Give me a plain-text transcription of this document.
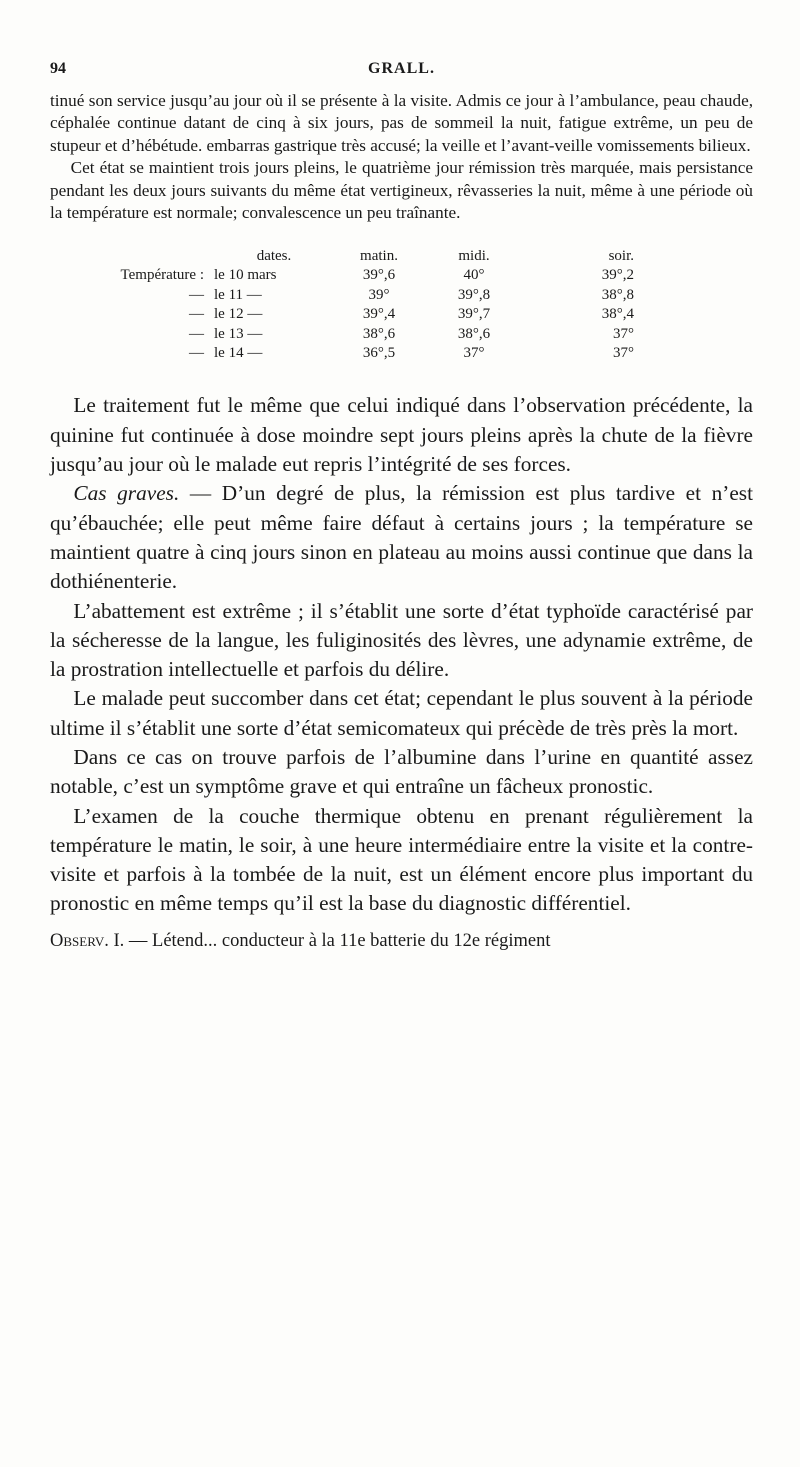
94	GRALL.

tinué son service jusqu’au jour où il se présente à la visite. Admis ce jour à l’ambulance, peau chaude, céphalée continue datant de cinq à six jours, pas de sommeil la nuit, fatigue extrême, un peu de stupeur et d’hébétude. embarras gastrique très accusé; la veille et l’avant-veille vomissements bilieux.

Cet état se maintient trois jours pleins, le quatrième jour rémission très marquée, mais persistance pendant les deux jours suivants du même état vertigineux, rêvasseries la nuit, même à une période où la température est normale; convalescence un peu traînante.

	dates.	matin.	midi.	soir.
Température :	le 10 mars	39°,6	40°	39°,2
—	le 11 —	39°	39°,8	38°,8
—	le 12 —	39°,4	39°,7	38°,4
—	le 13 —	38°,6	38°,6	37°
—	le 14 —	36°,5	37°	37°

Le traitement fut le même que celui indiqué dans l’observation précédente, la quinine fut continuée à dose moindre sept jours pleins après la chute de la fièvre jusqu’au jour où le malade eut repris l’intégrité de ses forces.

Cas graves. — D’un degré de plus, la rémission est plus tardive et n’est qu’ébauchée; elle peut même faire défaut à certains jours ; la température se maintient quatre à cinq jours sinon en plateau au moins aussi continue que dans la dothiénenterie.

L’abattement est extrême ; il s’établit une sorte d’état typhoïde caractérisé par la sécheresse de la langue, les fuliginosités des lèvres, une adynamie extrême, de la prostration intellectuelle et parfois du délire.

Le malade peut succomber dans cet état; cependant le plus souvent à la période ultime il s’établit une sorte d’état semicomateux qui précède de très près la mort.

Dans ce cas on trouve parfois de l’albumine dans l’urine en quantité assez notable, c’est un symptôme grave et qui entraîne un fâcheux pronostic.

L’examen de la couche thermique obtenu en prenant régulièrement la température le matin, le soir, à une heure intermédiaire entre la visite et la contre-visite et parfois à la tombée de la nuit, est un élément encore plus important du pronostic en même temps qu’il est la base du diagnostic différentiel.

Observ. I. — Létend... conducteur à la 11e batterie du 12e régiment
